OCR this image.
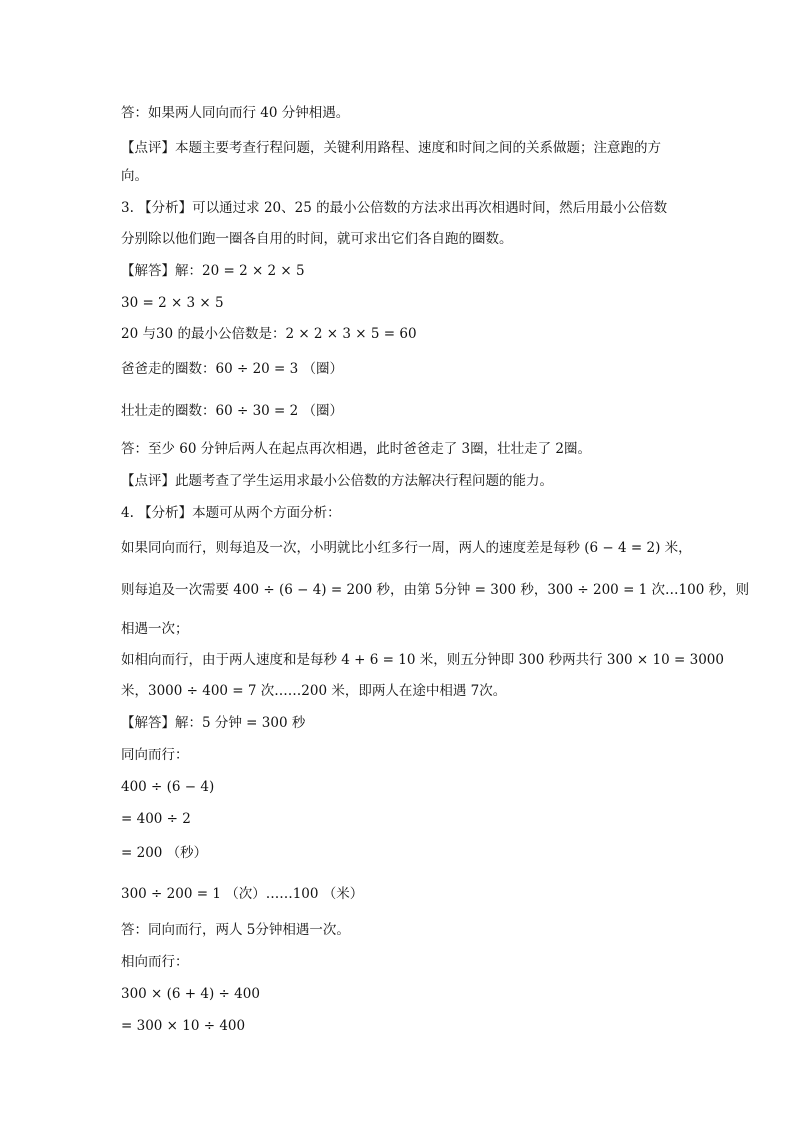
答：如果两人同向而行 40 分钟相遇。
【点评】本题主要考查行程问题，关键利用路程、速度和时间之间的关系做题；注意跑的方
向。
3. 【分析】可以通过求 20、25 的最小公倍数的方法求出再次相遇时间，然后用最小公倍数
分别除以他们跑一圈各自用的时间，就可求出它们各自跑的圈数。
【解答】解：20 = 2 × 2 × 5
30 = 2 × 3 × 5
20 与30 的最小公倍数是：2 × 2 × 3 × 5 = 60
爸爸走的圈数：60 ÷ 20 = 3 （圈）
壮壮走的圈数：60 ÷ 30 = 2 （圈）
答：至少 60 分钟后两人在起点再次相遇，此时爸爸走了 3圈，壮壮走了 2圈。
【点评】此题考查了学生运用求最小公倍数的方法解决行程问题的能力。
4. 【分析】本题可从两个方面分析：
如果同向而行，则每追及一次，小明就比小红多行一周，两人的速度差是每秒 (6 − 4 = 2) 米，
则每追及一次需要 400 ÷ (6 − 4) = 200 秒，由第 5分钟 = 300 秒，300 ÷ 200 = 1 次…100 秒，则
相遇一次；
如相向而行，由于两人速度和是每秒 4 + 6 = 10 米，则五分钟即 300 秒两共行 300 × 10 = 3000
米，3000 ÷ 400 = 7 次……200 米，即两人在途中相遇 7次。
【解答】解：5 分钟 = 300 秒
同向而行：
400 ÷ (6 − 4)
= 400 ÷ 2
= 200 （秒）
300 ÷ 200 = 1 （次）……100 （米）
答：同向而行，两人 5分钟相遇一次。
相向而行：
300 × (6 + 4) ÷ 400
= 300 × 10 ÷ 400
